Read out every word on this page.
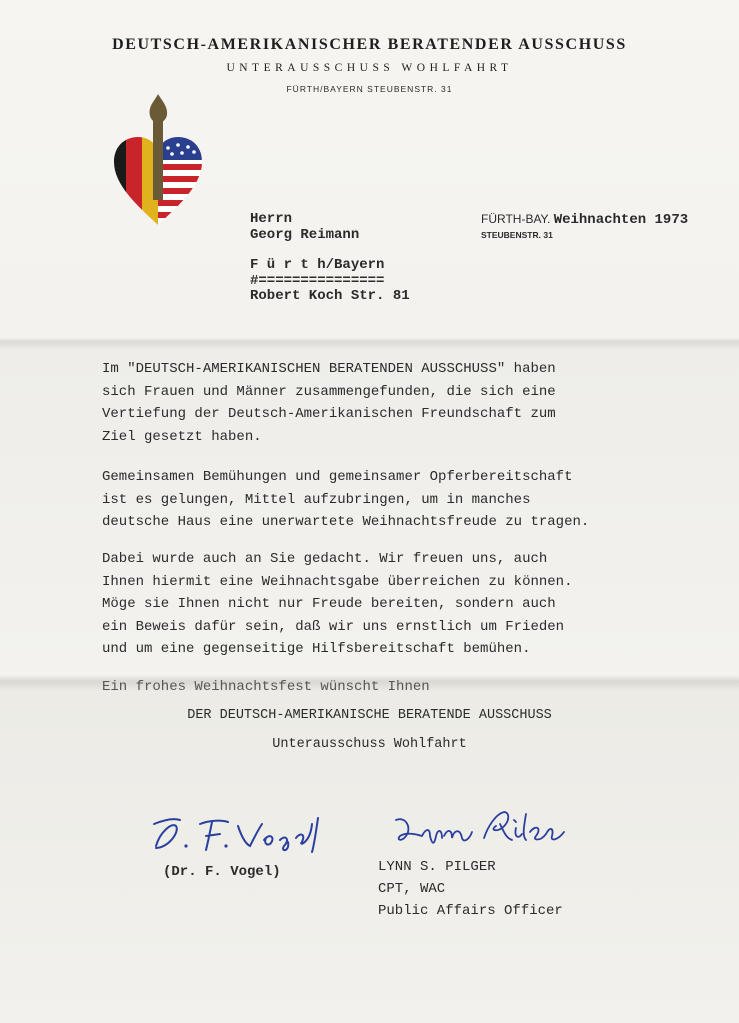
DEUTSCH-AMERIKANISCHER BERATENDER AUSSCHUSS
UNTERAUSSCHUSS WOHLFAHRT
FÜRTH/BAYERN STEUBENSTR. 31
Herrn
Georg Reimann
F ü r t h/Bayern
#===============
Robert Koch Str. 81
FÜRTH-BAY. Weihnachten 1973
STEUBENSTR. 31
Im "DEUTSCH-AMERIKANISCHEN BERATENDEN AUSSCHUSS" haben
sich Frauen und Männer zusammengefunden, die sich eine
Vertiefung der Deutsch-Amerikanischen Freundschaft zum
Ziel gesetzt haben.
Gemeinsamen Bemühungen und gemeinsamer Opferbereitschaft
ist es gelungen, Mittel aufzubringen, um in manches
deutsche Haus eine unerwartete Weihnachtsfreude zu tragen.
Dabei wurde auch an Sie gedacht. Wir freuen uns, auch
Ihnen hiermit eine Weihnachtsgabe überreichen zu können.
Möge sie Ihnen nicht nur Freude bereiten, sondern auch
ein Beweis dafür sein, daß wir uns ernstlich um Frieden
und um eine gegenseitige Hilfsbereitschaft bemühen.
Ein frohes Weihnachtsfest wünscht Ihnen
DER DEUTSCH-AMERIKANISCHE BERATENDE AUSSCHUSS
Unterausschuss Wohlfahrt
(Dr. F. Vogel)	LYNN S. PILGER
CPT, WAC
Public Affairs Officer
